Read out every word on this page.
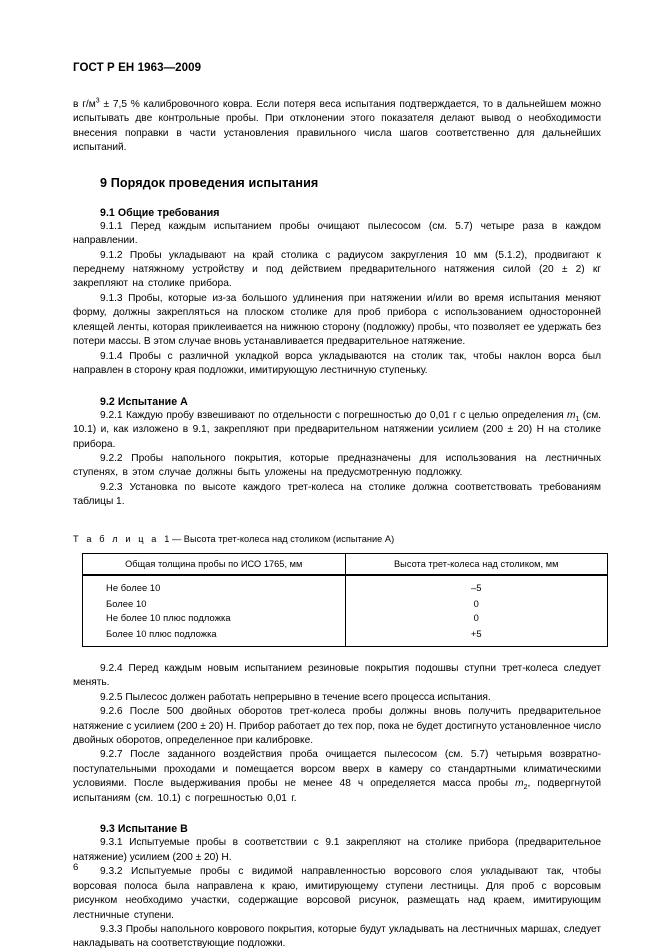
ГОСТ Р ЕН 1963—2009

в $г/м^3 \pm 7,5$ % калибровочного ковра. Если потеря веса испытания подтверждается, то в дальнейшем можно испытывать две контрольные пробы. При отклонении этого показателя делают вывод о необходимости внесения поправки в части установления правильного числа шагов соответственно для дальнейших испытаний.

9 Порядок проведения испытания
9.1 Общие требования

9.1.1 Перед каждым испытанием пробы очищают пылесосом (см. 5.7) четыре раза в каждом направлении.

9.1.2 Пробы укладывают на край столика с радиусом закругления 10 мм (5.1.2), продвигают к переднему натяжному устройству и под действием предварительного натяжения силой (20 ± 2) кг закрепляют на столике прибора.

9.1.3 Пробы, которые из-за большого удлинения при натяжении и/или во время испытания меняют форму, должны закрепляться на плоском столике для проб прибора с использованием односторонней клеящей ленты, которая приклеивается на нижнюю сторону (подложку) пробы, что позволяет ее удержать без потери массы. В этом случае вновь устанавливается предварительное натяжение.

9.1.4 Пробы с различной укладкой ворса укладываются на столик так, чтобы наклон ворса был направлен в сторону края подложки, имитирующую лестничную ступеньку.

9.2 Испытание А

9.2.1 Каждую пробу взвешивают по отдельности с погрешностью до 0,01 г с целью определения $m_1$ (см. 10.1) и, как изложено в 9.1, закрепляют при предварительном натяжении усилием (200 ± 20) Н на столике прибора.

9.2.2 Пробы напольного покрытия, которые предназначены для использования на лестничных ступенях, в этом случае должны быть уложены на предусмотренную подложку.

9.2.3 Установка по высоте каждого трет-колеса на столике должна соответствовать требованиям таблицы 1.

Т а б л и ц а 1 — Высота трет-колеса над столиком (испытание А)
Общая толщина пробы по ИСО 1765, мм	Высота трет-колеса над столиком, мм
Не более 10	–5
Более 10	0
Не более 10 плюс подложка	0
Более 10 плюс подложка	+5

9.2.4 Перед каждым новым испытанием резиновые покрытия подошвы ступни трет-колеса следует менять.

9.2.5 Пылесос должен работать непрерывно в течение всего процесса испытания.

9.2.6 После 500 двойных оборотов трет-колеса пробы должны вновь получить предварительное натяжение с усилием (200 ± 20) Н. Прибор работает до тех пор, пока не будет достигнуто установленное число двойных оборотов, определенное при калибровке.

9.2.7 После заданного воздействия проба очищается пылесосом (см. 5.7) четырьмя возвратно-поступательными проходами и помещается ворсом вверх в камеру со стандартными климатическими условиями. После выдерживания пробы не менее 48 ч определяется масса пробы $m_2$, подвергнутой испытаниям (см. 10.1) с погрешностью 0,01 г.

9.3 Испытание В

9.3.1 Испытуемые пробы в соответствии с 9.1 закрепляют на столике прибора (предварительное натяжение) усилием (200 ± 20) Н.

9.3.2 Испытуемые пробы с видимой направленностью ворсового слоя укладывают так, чтобы ворсовая полоса была направлена к краю, имитирующему ступени лестницы. Для проб с ворсовым рисунком необходимо участки, содержащие ворсовой рисунок, размещать над краем, имитирующим лестничные ступени.

9.3.3 Пробы напольного коврового покрытия, которые будут укладывать на лестничных маршах, следует накладывать на соответствующие подложки.

6
